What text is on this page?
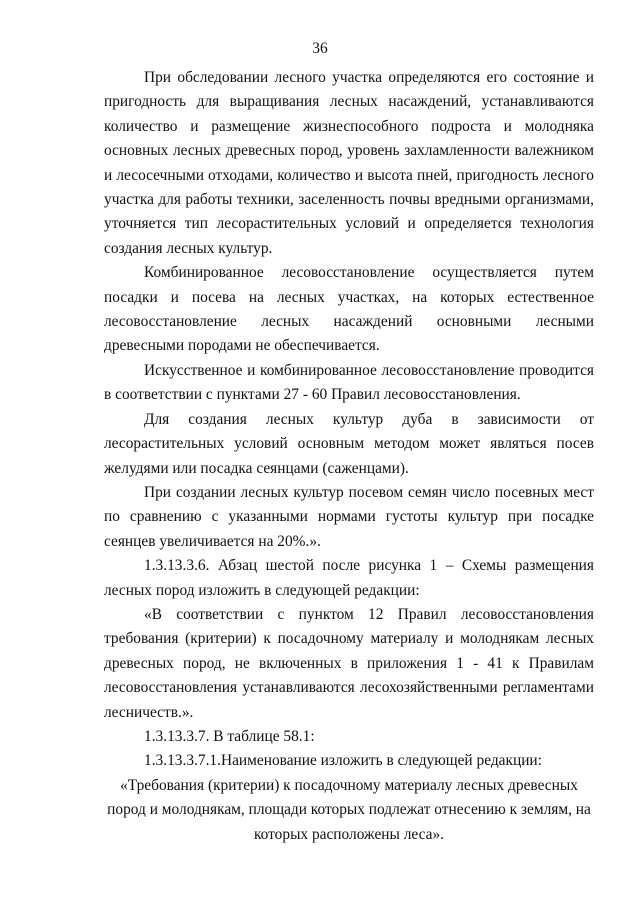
36

При обследовании лесного участка определяются его состояние и пригодность для выращивания лесных насаждений, устанавливаются количество и размещение жизнеспособного подроста и молодняка основных лесных древесных пород, уровень захламленности валежником и лесосечными отходами, количество и высота пней, пригодность лесного участка для работы техники, заселенность почвы вредными организмами, уточняется тип лесорастительных условий и определяется технология создания лесных культур.

Комбинированное лесовосстановление осуществляется путем посадки и посева на лесных участках, на которых естественное лесовосстановление лесных насаждений основными лесными древесными породами не обеспечивается.

Искусственное и комбинированное лесовосстановление проводится в соответствии с пунктами 27 - 60 Правил лесовосстановления.

Для создания лесных культур дуба в зависимости от лесорастительных условий основным методом может являться посев желудями или посадка сеянцами (саженцами).

При создании лесных культур посевом семян число посевных мест по сравнению с указанными нормами густоты культур при посадке сеянцев увеличивается на 20%.».

1.3.13.3.6. Абзац шестой после рисунка 1 – Схемы размещения лесных пород изложить в следующей редакции:

«В соответствии с пунктом 12 Правил лесовосстановления требования (критерии) к посадочному материалу и молоднякам лесных древесных пород, не включенных в приложения 1 - 41 к Правилам лесовосстановления устанавливаются лесохозяйственными регламентами лесничеств.».

1.3.13.3.7. В таблице 58.1:

1.3.13.3.7.1.Наименование изложить в следующей редакции:

«Требования (критерии) к посадочному материалу лесных древесных

пород и молоднякам, площади которых подлежат отнесению к землям, на

которых расположены леса».
